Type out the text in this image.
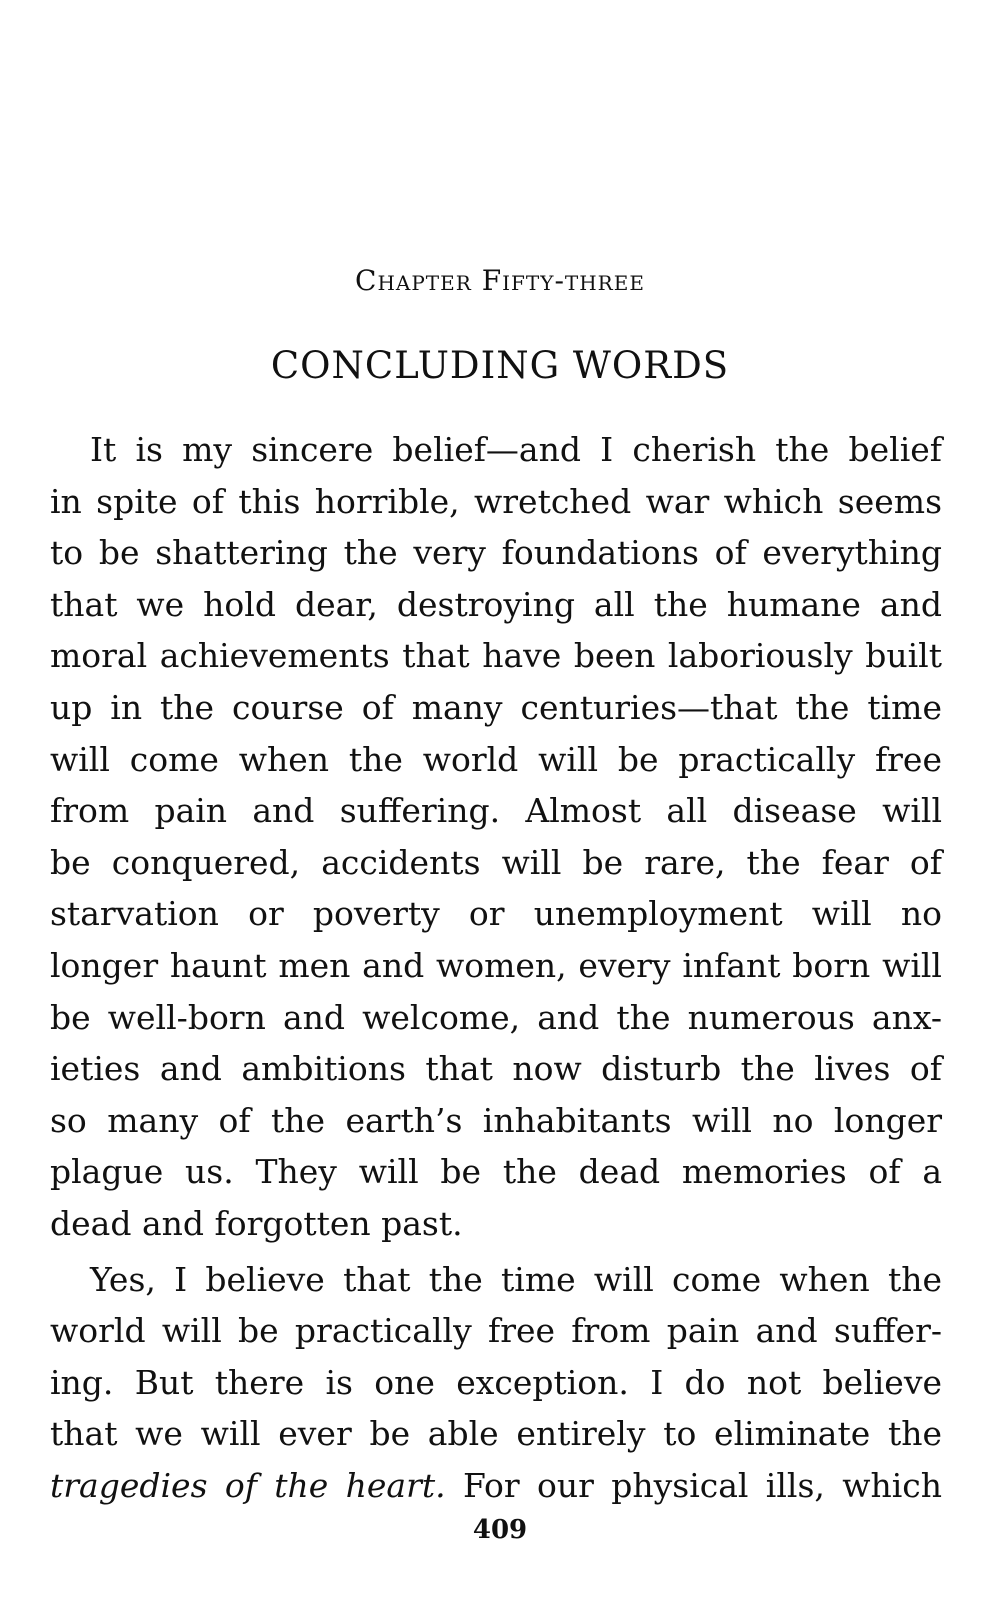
Chapter Fifty-three
CONCLUDING WORDS
It is my sincere belief—and I cherish the belief
in spite of this horrible, wretched war which seems
to be shattering the very foundations of everything
that we hold dear, destroying all the humane and
moral achievements that have been laboriously built
up in the course of many centuries—that the time
will come when the world will be practically free
from pain and suffering. Almost all disease will
be conquered, accidents will be rare, the fear of
starvation or poverty or unemployment will no
longer haunt men and women, every infant born will
be well-born and welcome, and the numerous anx-
ieties and ambitions that now disturb the lives of
so many of the earth’s inhabitants will no longer
plague us. They will be the dead memories of a
dead and forgotten past.
Yes, I believe that the time will come when the
world will be practically free from pain and suffer-
ing. But there is one exception. I do not believe
that we will ever be able entirely to eliminate the
tragedies of the heart. For our physical ills, which
409
